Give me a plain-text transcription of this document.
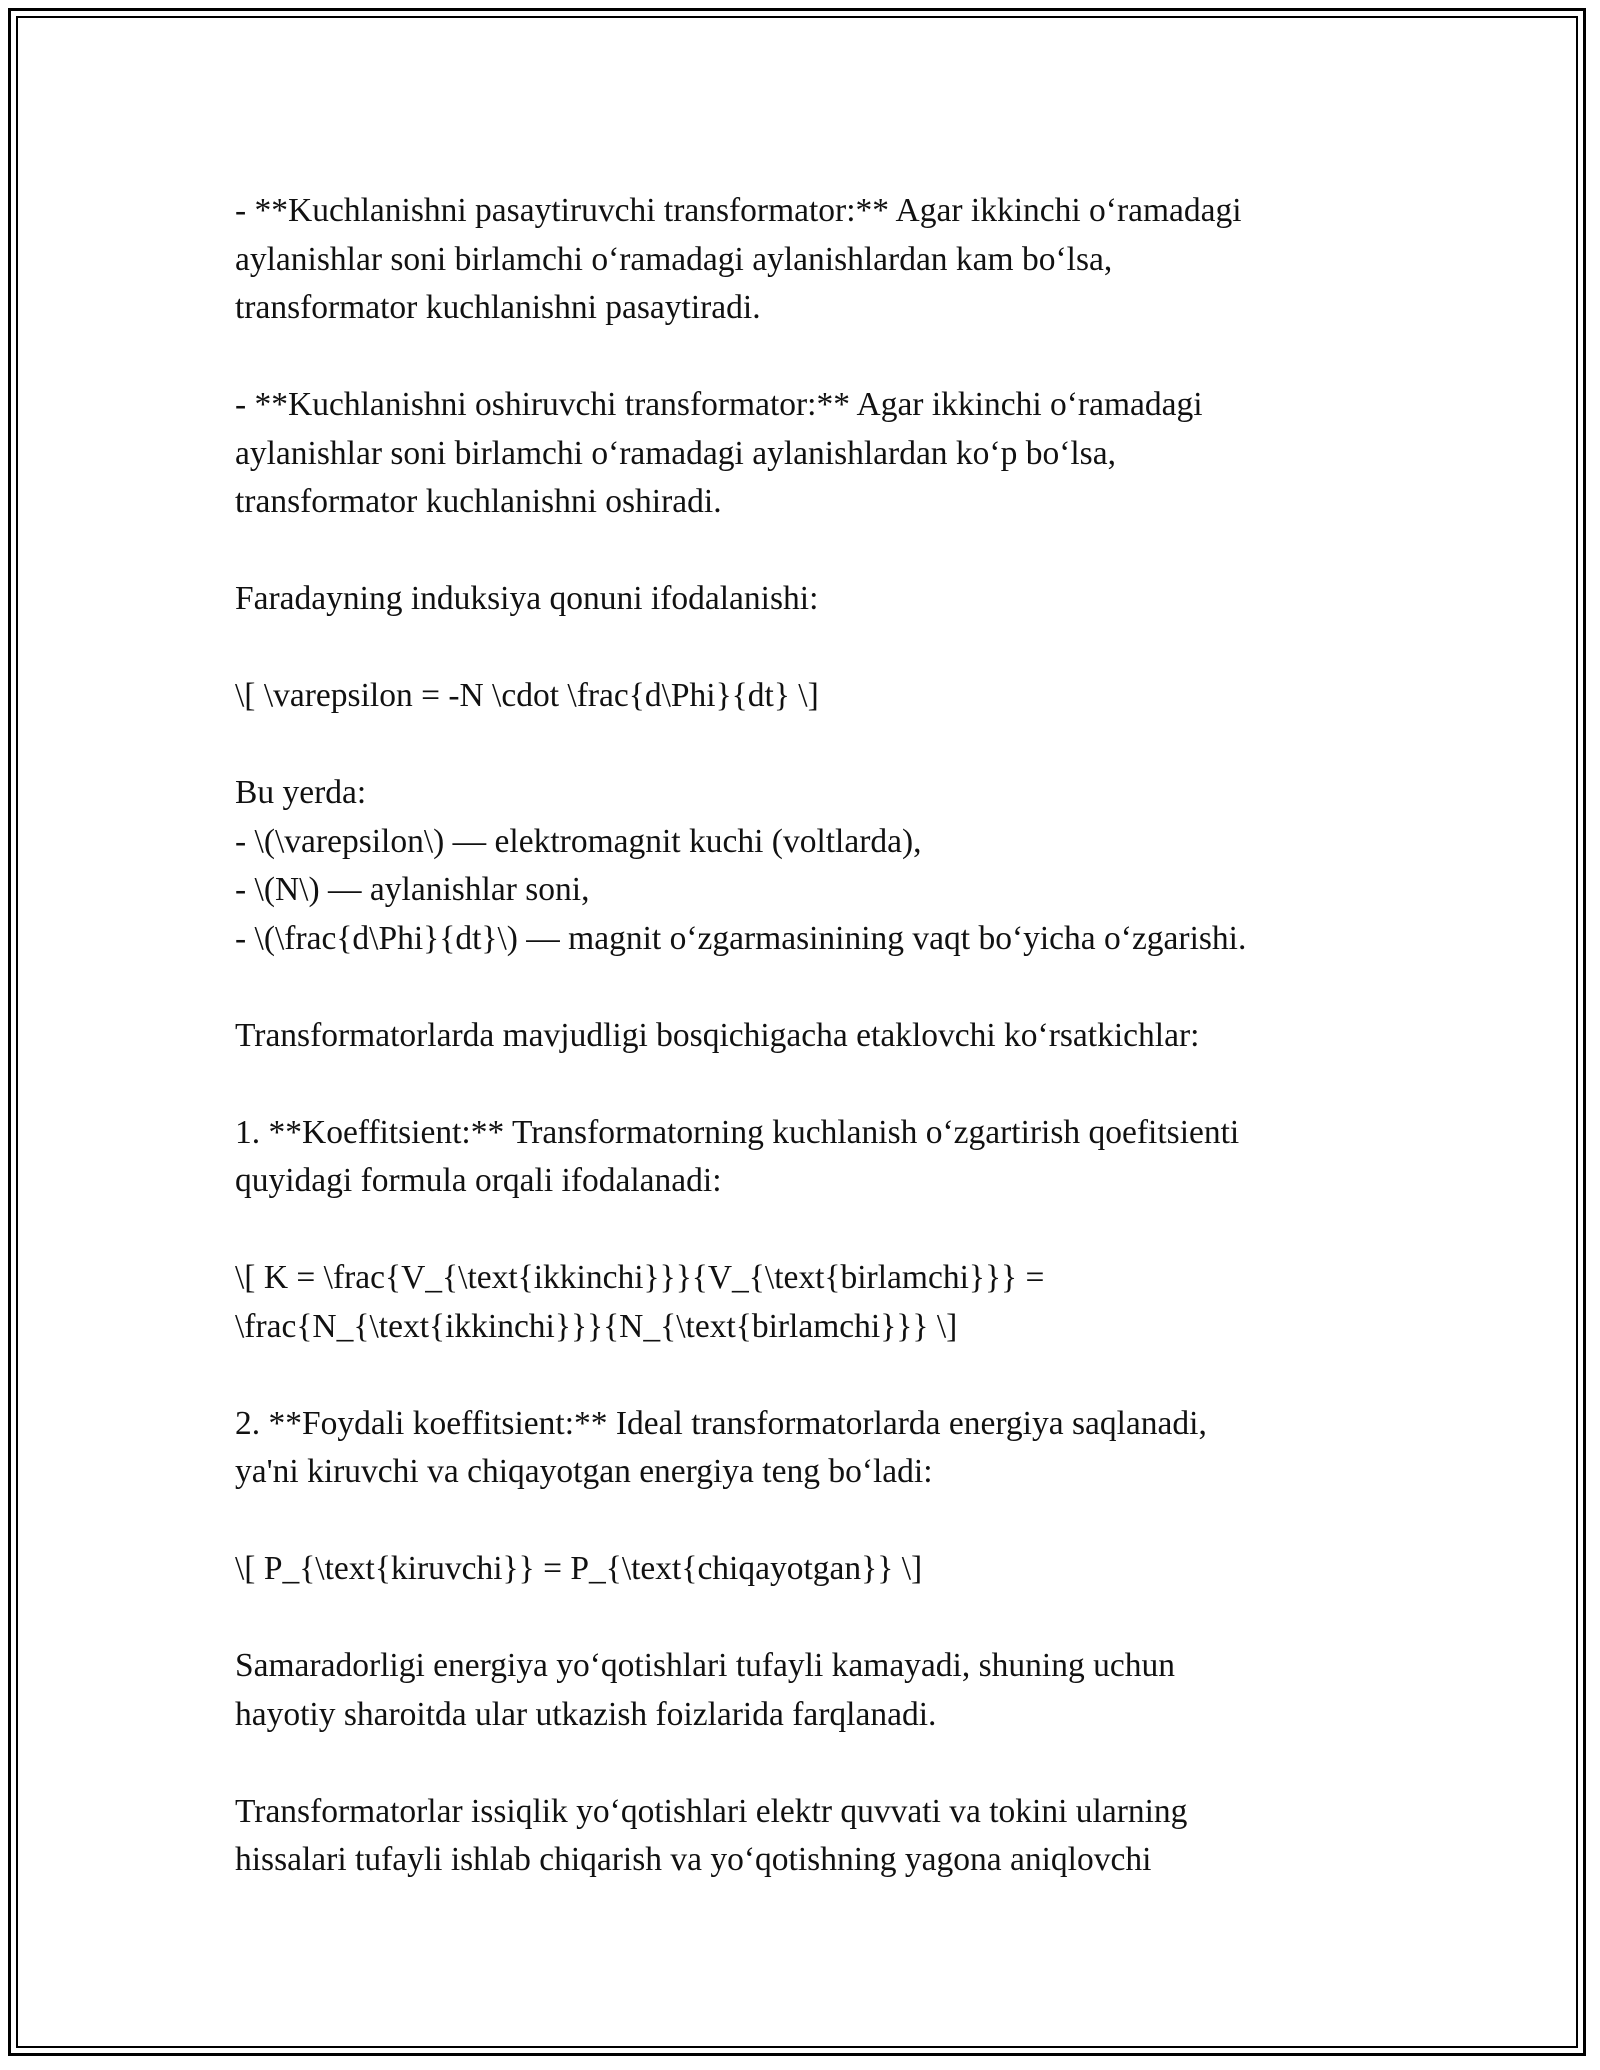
- **Kuchlanishni pasaytiruvchi transformator:** Agar ikkinchi o‘ramadagi
aylanishlar soni birlamchi o‘ramadagi aylanishlardan kam bo‘lsa,
transformator kuchlanishni pasaytiradi.

- **Kuchlanishni oshiruvchi transformator:** Agar ikkinchi o‘ramadagi
aylanishlar soni birlamchi o‘ramadagi aylanishlardan ko‘p bo‘lsa,
transformator kuchlanishni oshiradi.

Faradayning induksiya qonuni ifodalanishi:

\[ \varepsilon = -N \cdot \frac{d\Phi}{dt} \]

Bu yerda:
- \(\varepsilon\) — elektromagnit kuchi (voltlarda),
- \(N\) — aylanishlar soni,
- \(\frac{d\Phi}{dt}\) — magnit o‘zgarmasinining vaqt bo‘yicha o‘zgarishi.

Transformatorlarda mavjudligi bosqichigacha etaklovchi ko‘rsatkichlar:

1. **Koeffitsient:** Transformatorning kuchlanish o‘zgartirish qoefitsienti
quyidagi formula orqali ifodalanadi:

\[ K = \frac{V_{\text{ikkinchi}}}{V_{\text{birlamchi}}} =
\frac{N_{\text{ikkinchi}}}{N_{\text{birlamchi}}} \]

2. **Foydali koeffitsient:** Ideal transformatorlarda energiya saqlanadi,
ya'ni kiruvchi va chiqayotgan energiya teng bo‘ladi:

\[ P_{\text{kiruvchi}} = P_{\text{chiqayotgan}} \]

Samaradorligi energiya yo‘qotishlari tufayli kamayadi, shuning uchun
hayotiy sharoitda ular utkazish foizlarida farqlanadi.

Transformatorlar issiqlik yo‘qotishlari elektr quvvati va tokini ularning
hissalari tufayli ishlab chiqarish va yo‘qotishning yagona aniqlovchi
